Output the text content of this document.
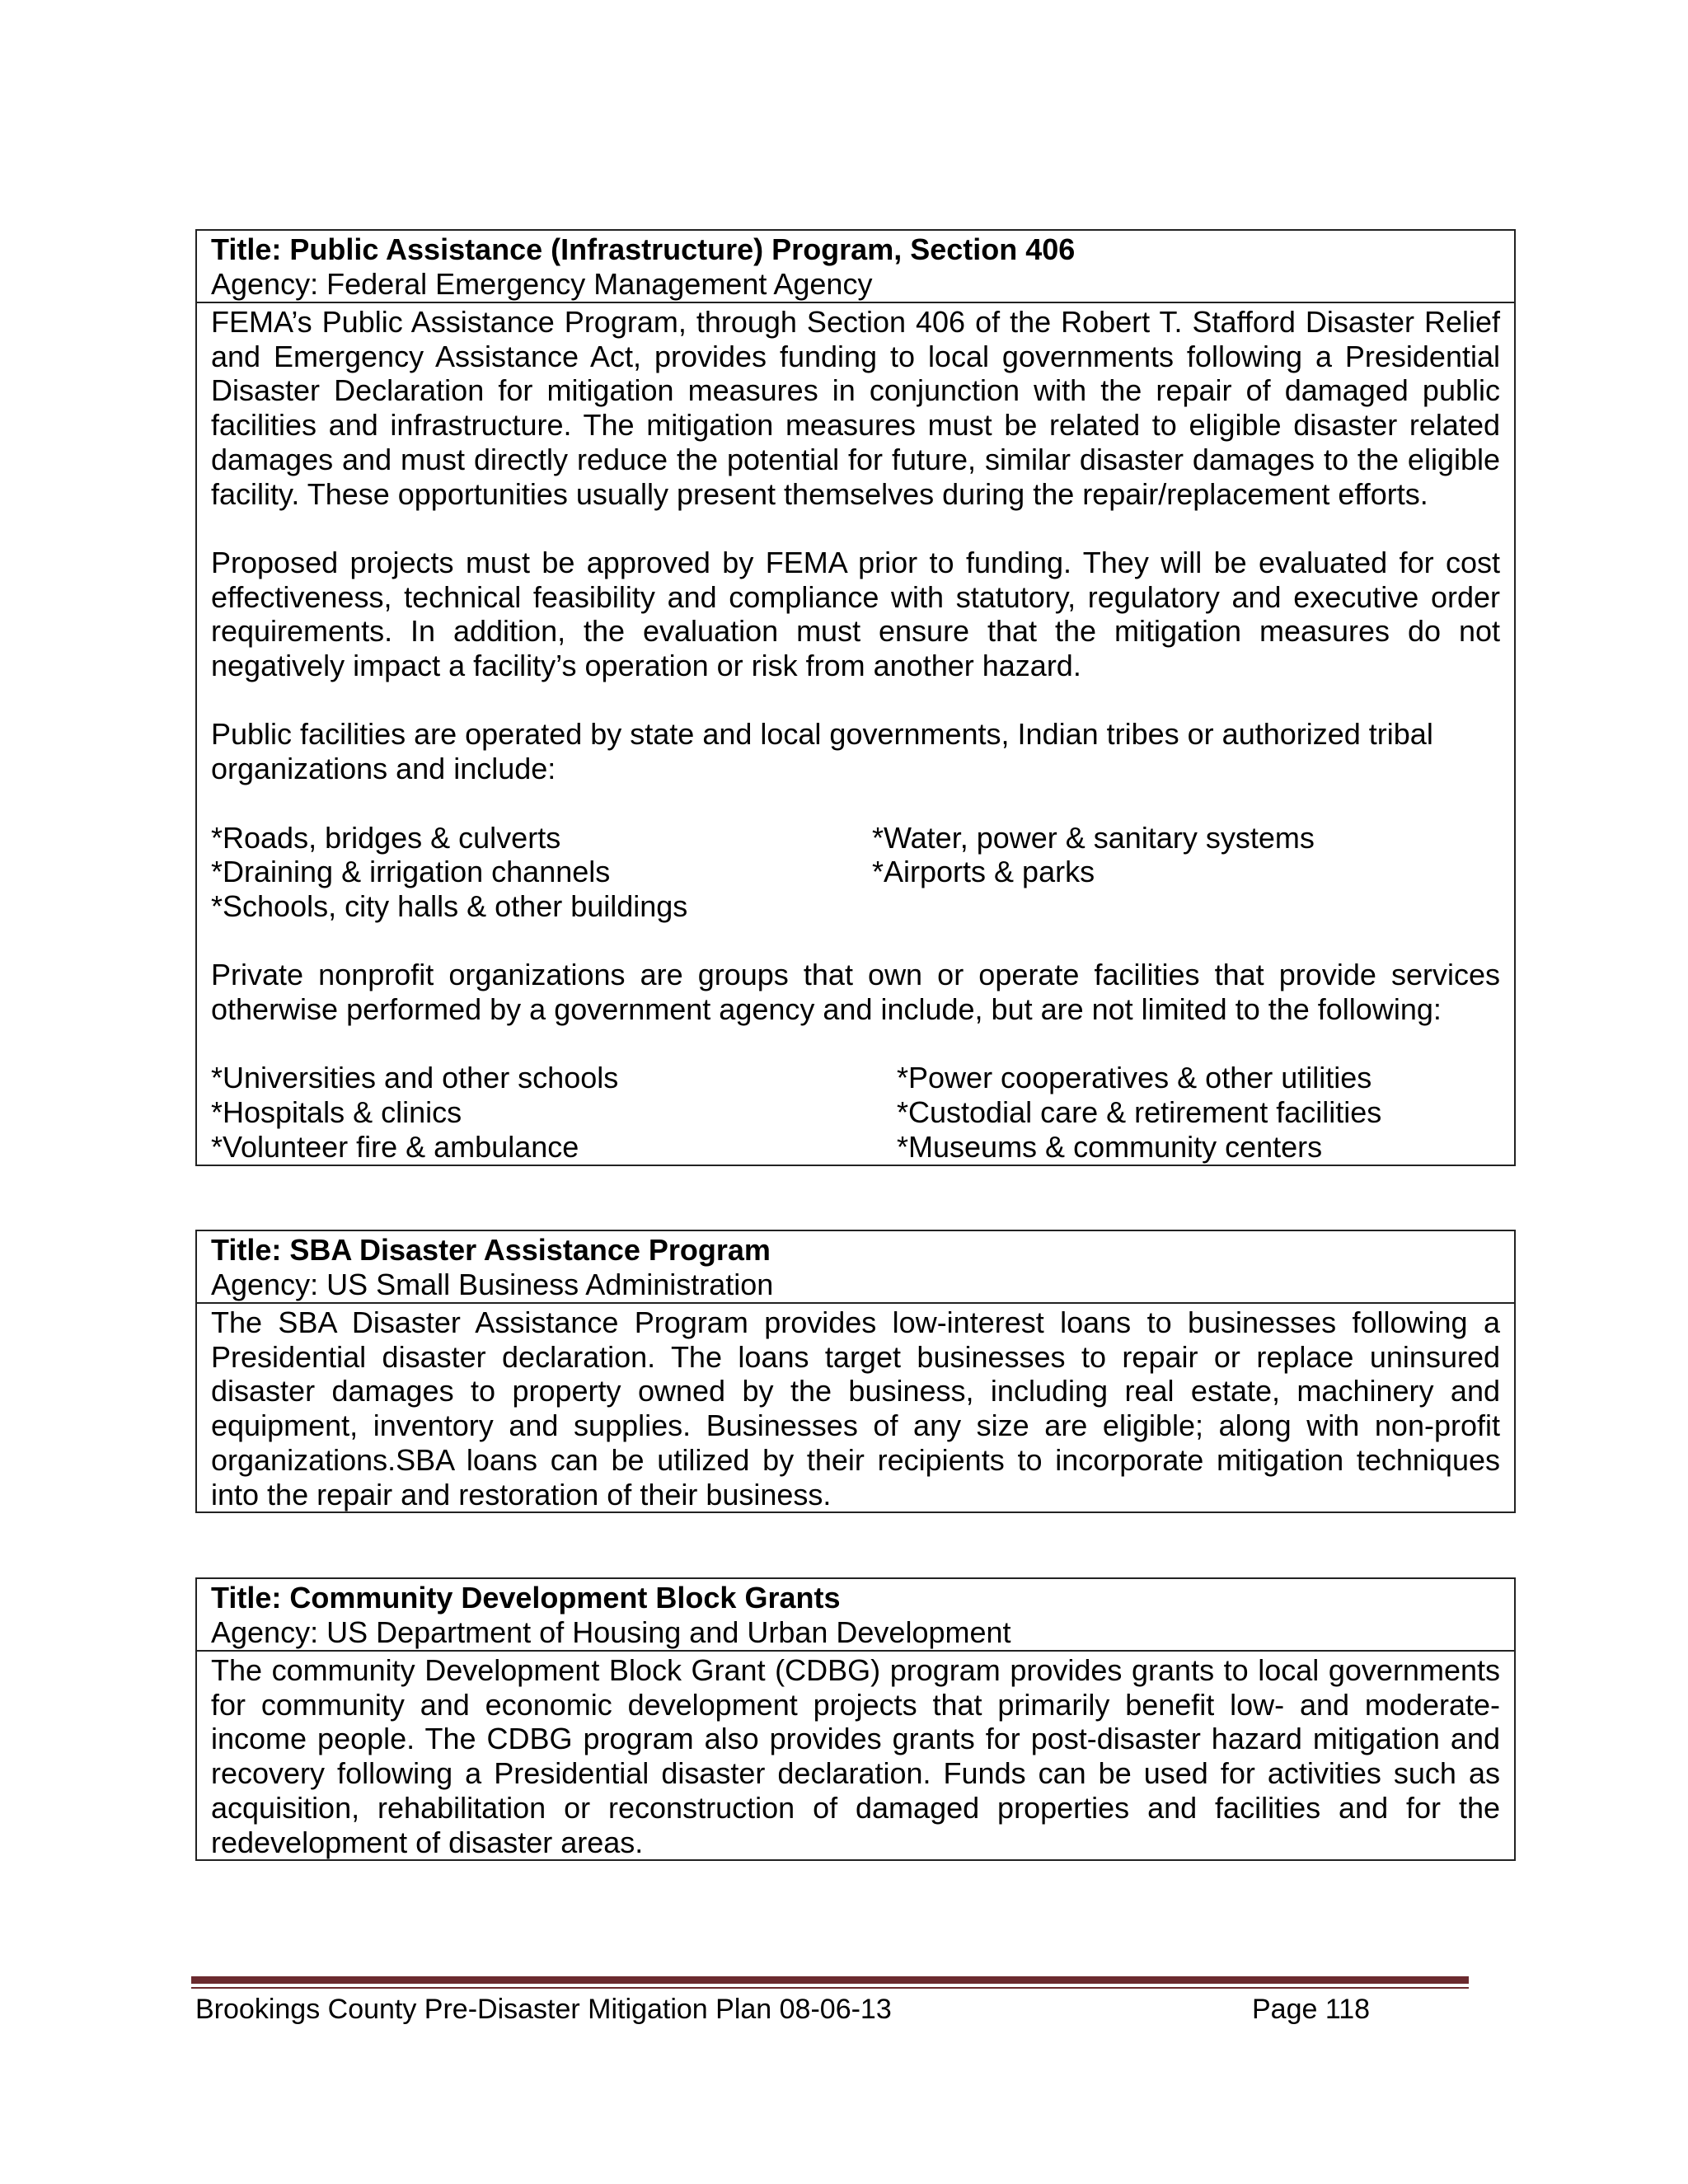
Title: Public Assistance (Infrastructure) Program, Section 406
Agency: Federal Emergency Management Agency

FEMA’s Public Assistance Program, through Section 406 of the Robert T. Stafford Disaster Relief and Emergency Assistance Act, provides funding to local governments following a Presidential Disaster Declaration for mitigation measures in conjunction with the repair of damaged public facilities and infrastructure. The mitigation measures must be related to eligible disaster related damages and must directly reduce the potential for future, similar disaster damages to the eligible facility. These opportunities usually present themselves during the repair/replacement efforts.

Proposed projects must be approved by FEMA prior to funding. They will be evaluated for cost effectiveness, technical feasibility and compliance with statutory, regulatory and executive order requirements. In addition, the evaluation must ensure that the mitigation measures do not negatively impact a facility’s operation or risk from another hazard.

Public facilities are operated by state and local governments, Indian tribes or authorized tribal organizations and include:

*Roads, bridges & culverts	*Water, power & sanitary systems
*Draining & irrigation channels	*Airports & parks
*Schools, city halls & other buildings

Private nonprofit organizations are groups that own or operate facilities that provide services otherwise performed by a government agency and include, but are not limited to the following:

*Universities and other schools	*Power cooperatives & other utilities
*Hospitals & clinics	*Custodial care & retirement facilities
*Volunteer fire & ambulance	*Museums & community centers
Title: SBA Disaster Assistance Program
Agency: US Small Business Administration

The SBA Disaster Assistance Program provides low-interest loans to businesses following a Presidential disaster declaration. The loans target businesses to repair or replace uninsured disaster damages to property owned by the business, including real estate, machinery and equipment, inventory and supplies. Businesses of any size are eligible; along with non-profit organizations.SBA loans can be utilized by their recipients to incorporate mitigation techniques into the repair and restoration of their business.

Title: Community Development Block Grants
Agency: US Department of Housing and Urban Development

The community Development Block Grant (CDBG) program provides grants to local governments for community and economic development projects that primarily benefit low- and moderate-income people. The CDBG program also provides grants for post-disaster hazard mitigation and recovery following a Presidential disaster declaration. Funds can be used for activities such as acquisition, rehabilitation or reconstruction of damaged properties and facilities and for the redevelopment of disaster areas.

Brookings County Pre-Disaster Mitigation Plan 08-06-13	Page 118
